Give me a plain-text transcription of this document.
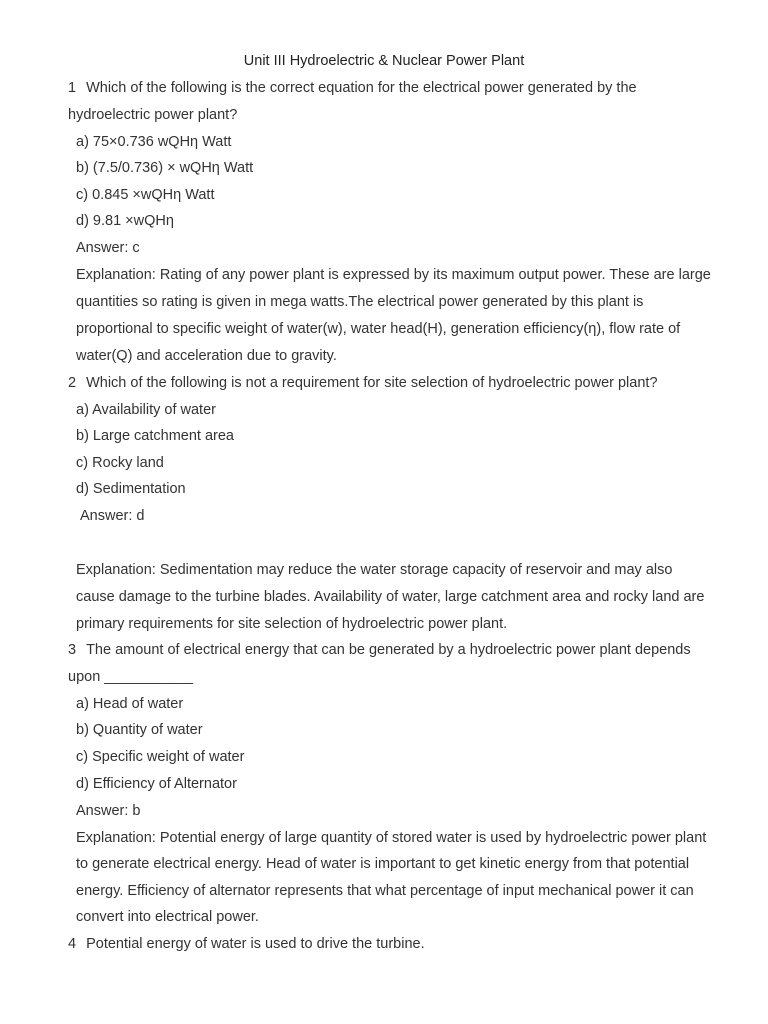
Unit III Hydroelectric & Nuclear Power Plant
1 Which of the following is the correct equation for the electrical power generated by the
hydroelectric power plant?
a) 75×0.736 wQHη Watt
b) (7.5/0.736) × wQHη Watt
c) 0.845 ×wQHη Watt
d) 9.81 ×wQHη
Answer: c
Explanation: Rating of any power plant is expressed by its maximum output power. These are large
quantities so rating is given in mega watts.The electrical power generated by this plant is
proportional to specific weight of water(w), water head(H), generation efficiency(η), flow rate of
water(Q) and acceleration due to gravity.
2 Which of the following is not a requirement for site selection of hydroelectric power plant?
a) Availability of water
b) Large catchment area
c) Rocky land
d) Sedimentation
Answer: d
Explanation: Sedimentation may reduce the water storage capacity of reservoir and may also
cause damage to the turbine blades. Availability of water, large catchment area and rocky land are
primary requirements for site selection of hydroelectric power plant.
3 The amount of electrical energy that can be generated by a hydroelectric power plant depends
upon ___________
a) Head of water
b) Quantity of water
c) Specific weight of water
d) Efficiency of Alternator
Answer: b
Explanation: Potential energy of large quantity of stored water is used by hydroelectric power plant
to generate electrical energy. Head of water is important to get kinetic energy from that potential
energy. Efficiency of alternator represents that what percentage of input mechanical power it can
convert into electrical power.
4 Potential energy of water is used to drive the turbine.
